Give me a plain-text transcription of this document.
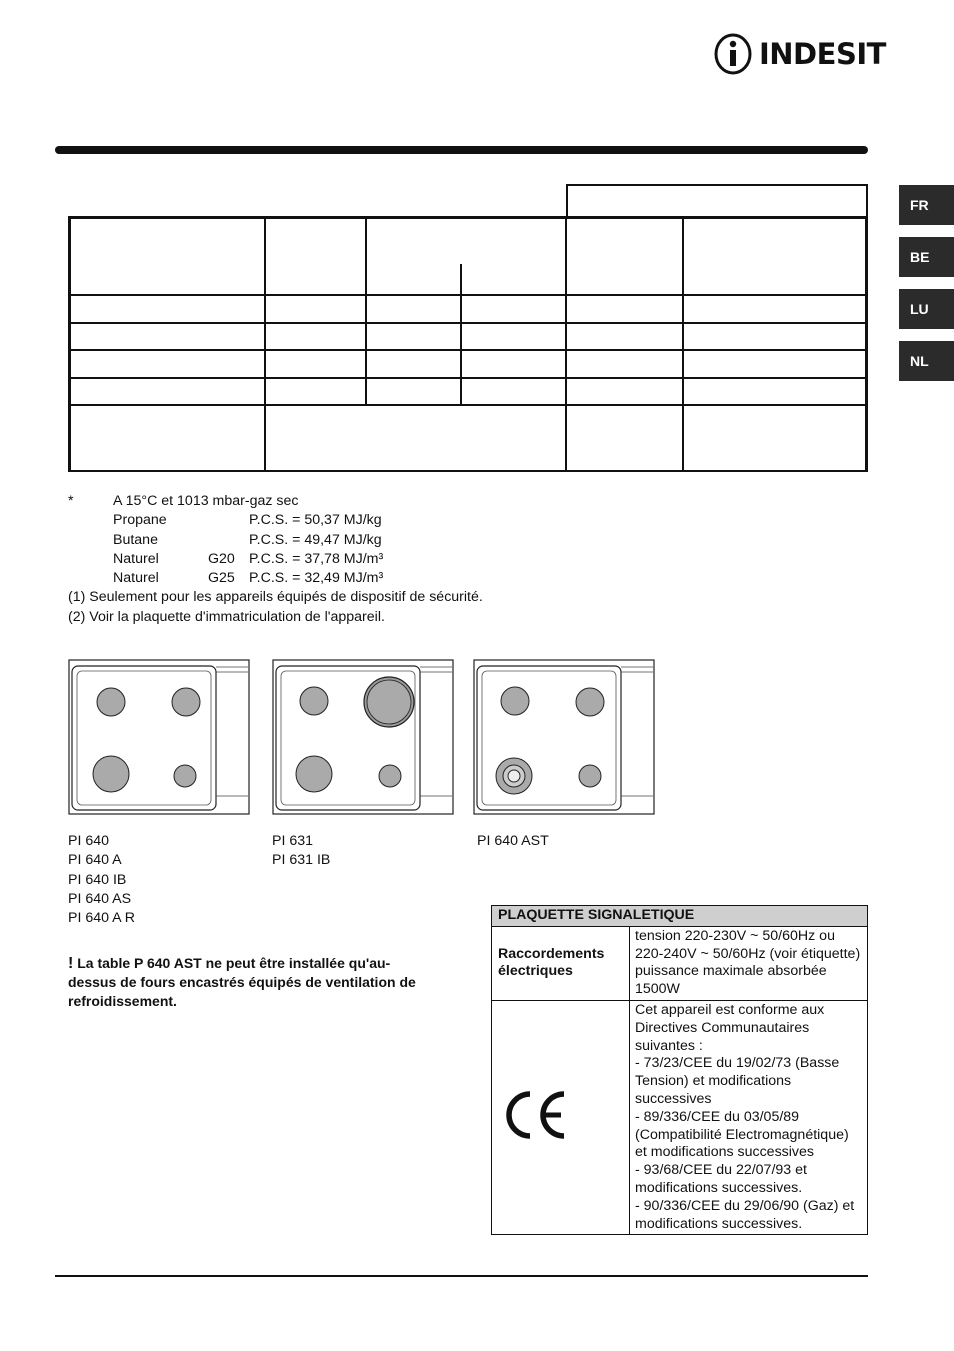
INDESIT
FR
BE
LU
NL
*	A 15°C et 1013 mbar-gaz sec
Propane	P.C.S. = 50,37 MJ/kg
Butane	P.C.S. = 49,47 MJ/kg
Naturel	G20 P.C.S. = 37,78 MJ/m³
Naturel	G25 P.C.S. = 32,49 MJ/m³
(1) Seulement pour les appareils équipés de dispositif de sécurité.
(2) Voir la plaquette d'immatriculation de l'appareil.
PI 640
PI 640 A
PI 640 IB
PI 640 AS
PI 640 A R
PI 631
PI 631 IB
PI 640 AST
! La table P 640 AST ne peut être installée qu'au-dessus de fours encastrés équipés de ventilation de refroidissement.
PLAQUETTE SIGNALETIQUE	
Raccordements électriques	tension 220-230V ~ 50/60Hz ou 220-240V ~ 50/60Hz (voir étiquette) puissance maximale absorbée 1500W

Cet appareil est conforme aux Directives Communautaires suivantes :
- 73/23/CEE du 19/02/73 (Basse Tension) et modifications successives
- 89/336/CEE du 03/05/89 (Compatibilité Electromagnétique) et modifications successives
- 93/68/CEE du 22/07/93 et modifications successives.
- 90/336/CEE du 29/06/90 (Gaz) et modifications successives.
